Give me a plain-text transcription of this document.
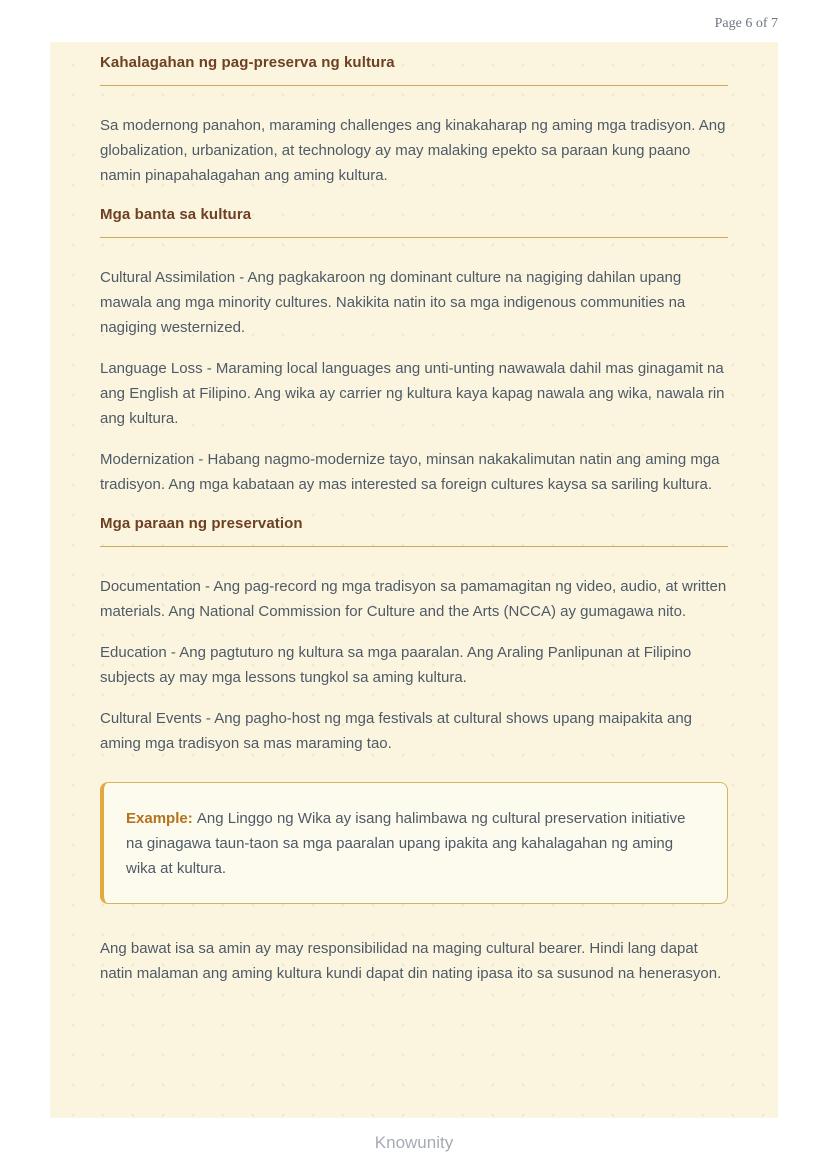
Page 6 of 7
Kahalagahan ng pag-preserva ng kultura

Sa modernong panahon, maraming challenges ang kinakaharap ng aming mga tradisyon. Ang globalization, urbanization, at technology ay may malaking epekto sa paraan kung paano namin pinapahalagahan ang aming kultura.

Mga banta sa kultura

Cultural Assimilation - Ang pagkakaroon ng dominant culture na nagiging dahilan upang mawala ang mga minority cultures. Nakikita natin ito sa mga indigenous communities na nagiging westernized.

Language Loss - Maraming local languages ang unti-unting nawawala dahil mas ginagamit na ang English at Filipino. Ang wika ay carrier ng kultura kaya kapag nawala ang wika, nawala rin ang kultura.

Modernization - Habang nagmo-modernize tayo, minsan nakakalimutan natin ang aming mga tradisyon. Ang mga kabataan ay mas interested sa foreign cultures kaysa sa sariling kultura.

Mga paraan ng preservation

Documentation - Ang pag-record ng mga tradisyon sa pamamagitan ng video, audio, at written materials. Ang National Commission for Culture and the Arts (NCCA) ay gumagawa nito.

Education - Ang pagtuturo ng kultura sa mga paaralan. Ang Araling Panlipunan at Filipino subjects ay may mga lessons tungkol sa aming kultura.

Cultural Events - Ang pagho-host ng mga festivals at cultural shows upang maipakita ang aming mga tradisyon sa mas maraming tao.

Example: Ang Linggo ng Wika ay isang halimbawa ng cultural preservation initiative na ginagawa taun-taon sa mga paaralan upang ipakita ang kahalagahan ng aming wika at kultura.

Ang bawat isa sa amin ay may responsibilidad na maging cultural bearer. Hindi lang dapat natin malaman ang aming kultura kundi dapat din nating ipasa ito sa susunod na henerasyon.

Knowunity
